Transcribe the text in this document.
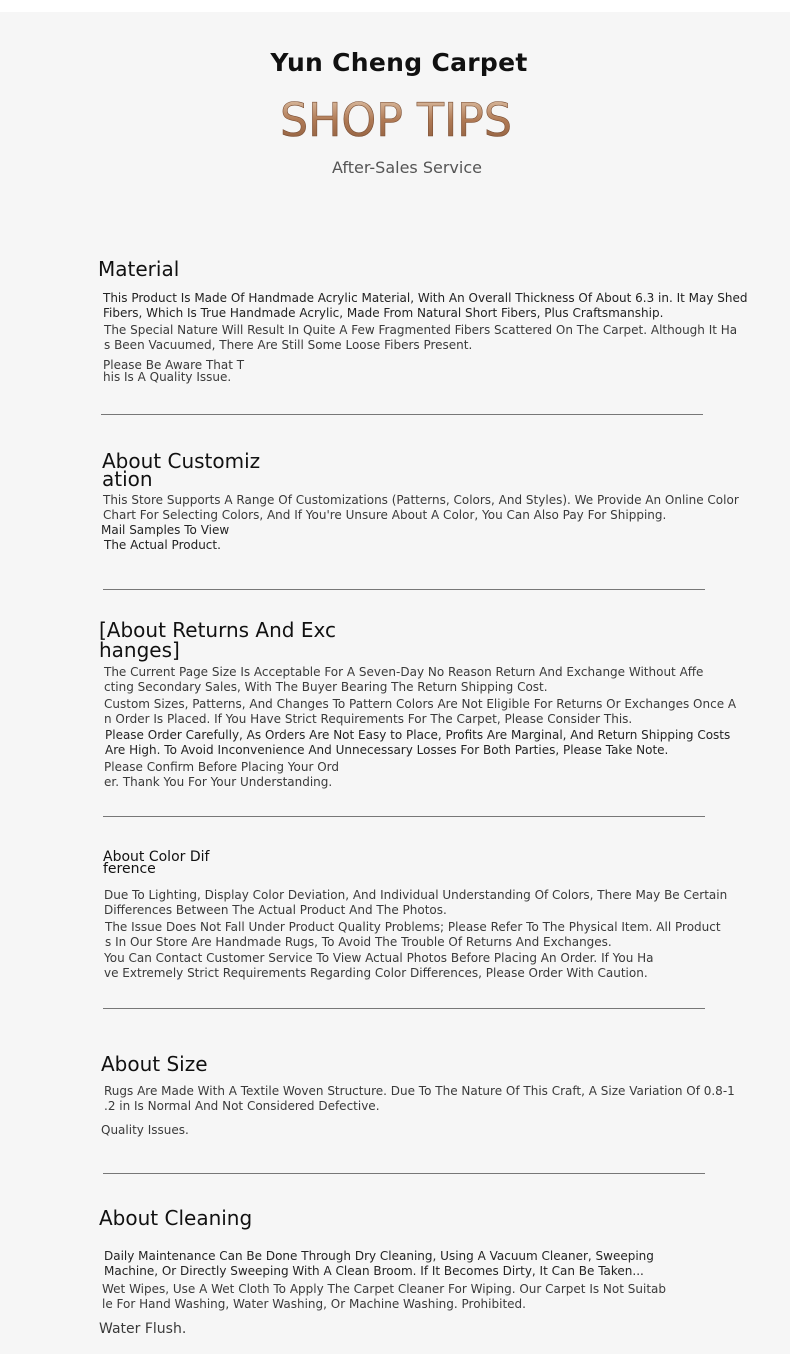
Yun Cheng Carpet
SHOP TIPS
After-Sales Service
Material
This Product Is Made Of Handmade Acrylic Material, With An Overall Thickness Of About 6.3 in. It May Shed
Fibers, Which Is True Handmade Acrylic, Made From Natural Short Fibers, Plus Craftsmanship.
The Special Nature Will Result In Quite A Few Fragmented Fibers Scattered On The Carpet. Although It Ha
s Been Vacuumed, There Are Still Some Loose Fibers Present.
Please Be Aware That T
his Is A Quality Issue.
About Customiz
ation
This Store Supports A Range Of Customizations (Patterns, Colors, And Styles). We Provide An Online Color
Chart For Selecting Colors, And If You're Unsure About A Color, You Can Also Pay For Shipping.
Mail Samples To View
The Actual Product.
[About Returns And Exc
hanges]
The Current Page Size Is Acceptable For A Seven-Day No Reason Return And Exchange Without Affe
cting Secondary Sales, With The Buyer Bearing The Return Shipping Cost.
Custom Sizes, Patterns, And Changes To Pattern Colors Are Not Eligible For Returns Or Exchanges Once A
n Order Is Placed. If You Have Strict Requirements For The Carpet, Please Consider This.
Please Order Carefully, As Orders Are Not Easy to Place, Profits Are Marginal, And Return Shipping Costs
Are High. To Avoid Inconvenience And Unnecessary Losses For Both Parties, Please Take Note.
Please Confirm Before Placing Your Ord
er. Thank You For Your Understanding.
About Color Dif
ference
Due To Lighting, Display Color Deviation, And Individual Understanding Of Colors, There May Be Certain
Differences Between The Actual Product And The Photos.
The Issue Does Not Fall Under Product Quality Problems; Please Refer To The Physical Item. All Product
s In Our Store Are Handmade Rugs, To Avoid The Trouble Of Returns And Exchanges.
You Can Contact Customer Service To View Actual Photos Before Placing An Order. If You Ha
ve Extremely Strict Requirements Regarding Color Differences, Please Order With Caution.
About Size
Rugs Are Made With A Textile Woven Structure. Due To The Nature Of This Craft, A Size Variation Of 0.8-1
.2 in Is Normal And Not Considered Defective.
Quality Issues.
About Cleaning
Daily Maintenance Can Be Done Through Dry Cleaning, Using A Vacuum Cleaner, Sweeping
Machine, Or Directly Sweeping With A Clean Broom. If It Becomes Dirty, It Can Be Taken...
Wet Wipes, Use A Wet Cloth To Apply The Carpet Cleaner For Wiping. Our Carpet Is Not Suitab
le For Hand Washing, Water Washing, Or Machine Washing. Prohibited.
Water Flush.
